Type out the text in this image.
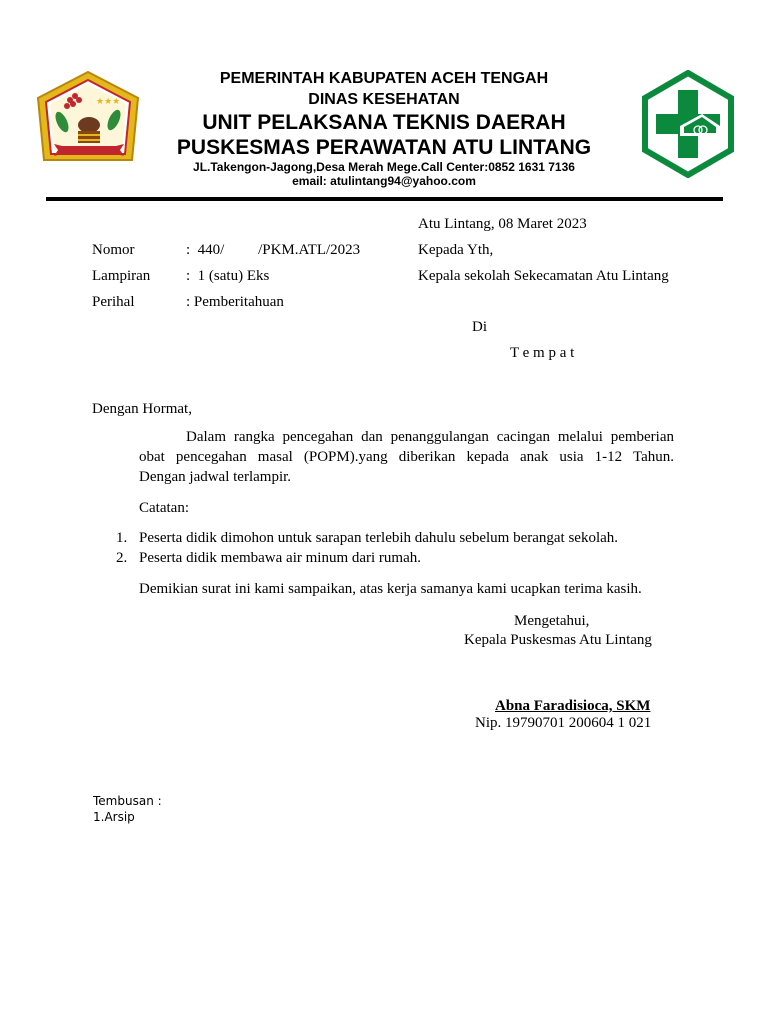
★★★
PEMERINTAH KABUPATEN ACEH TENGAH
DINAS KESEHATAN
UNIT PELAKSANA TEKNIS DAERAH
PUSKESMAS PERAWATAN ATU LINTANG
JL.Takengon-Jagong,Desa Merah Mege.Call Center:0852 1631 7136
email: atulintang94@yahoo.com
Atu Lintang, 08 Maret 2023
Nomor	:  440/         /PKM.ATL/2023	Kepada Yth,
Lampiran :  1 (satu) Eks	Kepala sekolah Sekecamatan Atu Lintang
Perihal	: Pemberitahuan
Di
T e m p a t
Dengan Hormat,
Dalam rangka pencegahan dan penanggulangan cacingan melalui pemberian
obat pencegahan masal (POPM).yang diberikan kepada anak usia 1-12 Tahun.
Dengan jadwal terlampir.
Catatan:
1. Peserta didik dimohon untuk sarapan terlebih dahulu sebelum berangat sekolah.
2. Peserta didik membawa air minum dari rumah.
Demikian surat ini kami sampaikan, atas kerja samanya kami ucapkan terima kasih.
Mengetahui,
Kepala Puskesmas Atu Lintang
Abna Faradisioca, SKM
Nip. 19790701 200604 1 021
Tembusan :
1.Arsip
